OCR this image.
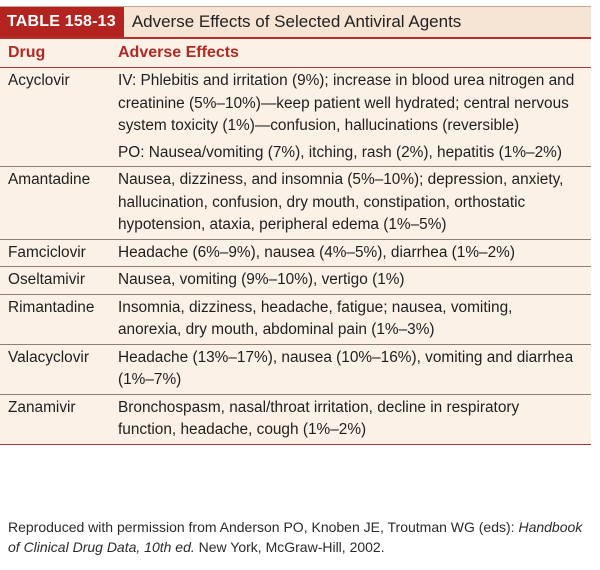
TABLE 158-13 Adverse Effects of Selected Antiviral Agents
Drug	Adverse Effects
Acyclovir	IV: Phlebitis and irritation (9%); increase in blood urea nitrogen and creatinine (5%–10%)—keep patient well hydrated; central nervous system toxicity (1%)—confusion, hallucinations (reversible)
PO: Nausea/vomiting (7%), itching, rash (2%), hepatitis (1%–2%)
Amantadine	Nausea, dizziness, and insomnia (5%–10%); depression, anxiety, hallucination, confusion, dry mouth, constipation, orthostatic hypotension, ataxia, peripheral edema (1%–5%)
Famciclovir	Headache (6%–9%), nausea (4%–5%), diarrhea (1%–2%)
Oseltamivir	Nausea, vomiting (9%–10%), vertigo (1%)
Rimantadine	Insomnia, dizziness, headache, fatigue; nausea, vomiting, anorexia, dry mouth, abdominal pain (1%–3%)
Valacyclovir	Headache (13%–17%), nausea (10%–16%), vomiting and diarrhea (1%–7%)
Zanamivir	Bronchospasm, nasal/throat irritation, decline in respiratory function, headache, cough (1%–2%)
Reproduced with permission from Anderson PO, Knoben JE, Troutman WG (eds): Handbook of Clinical Drug Data, 10th ed. New York, McGraw-Hill, 2002.
